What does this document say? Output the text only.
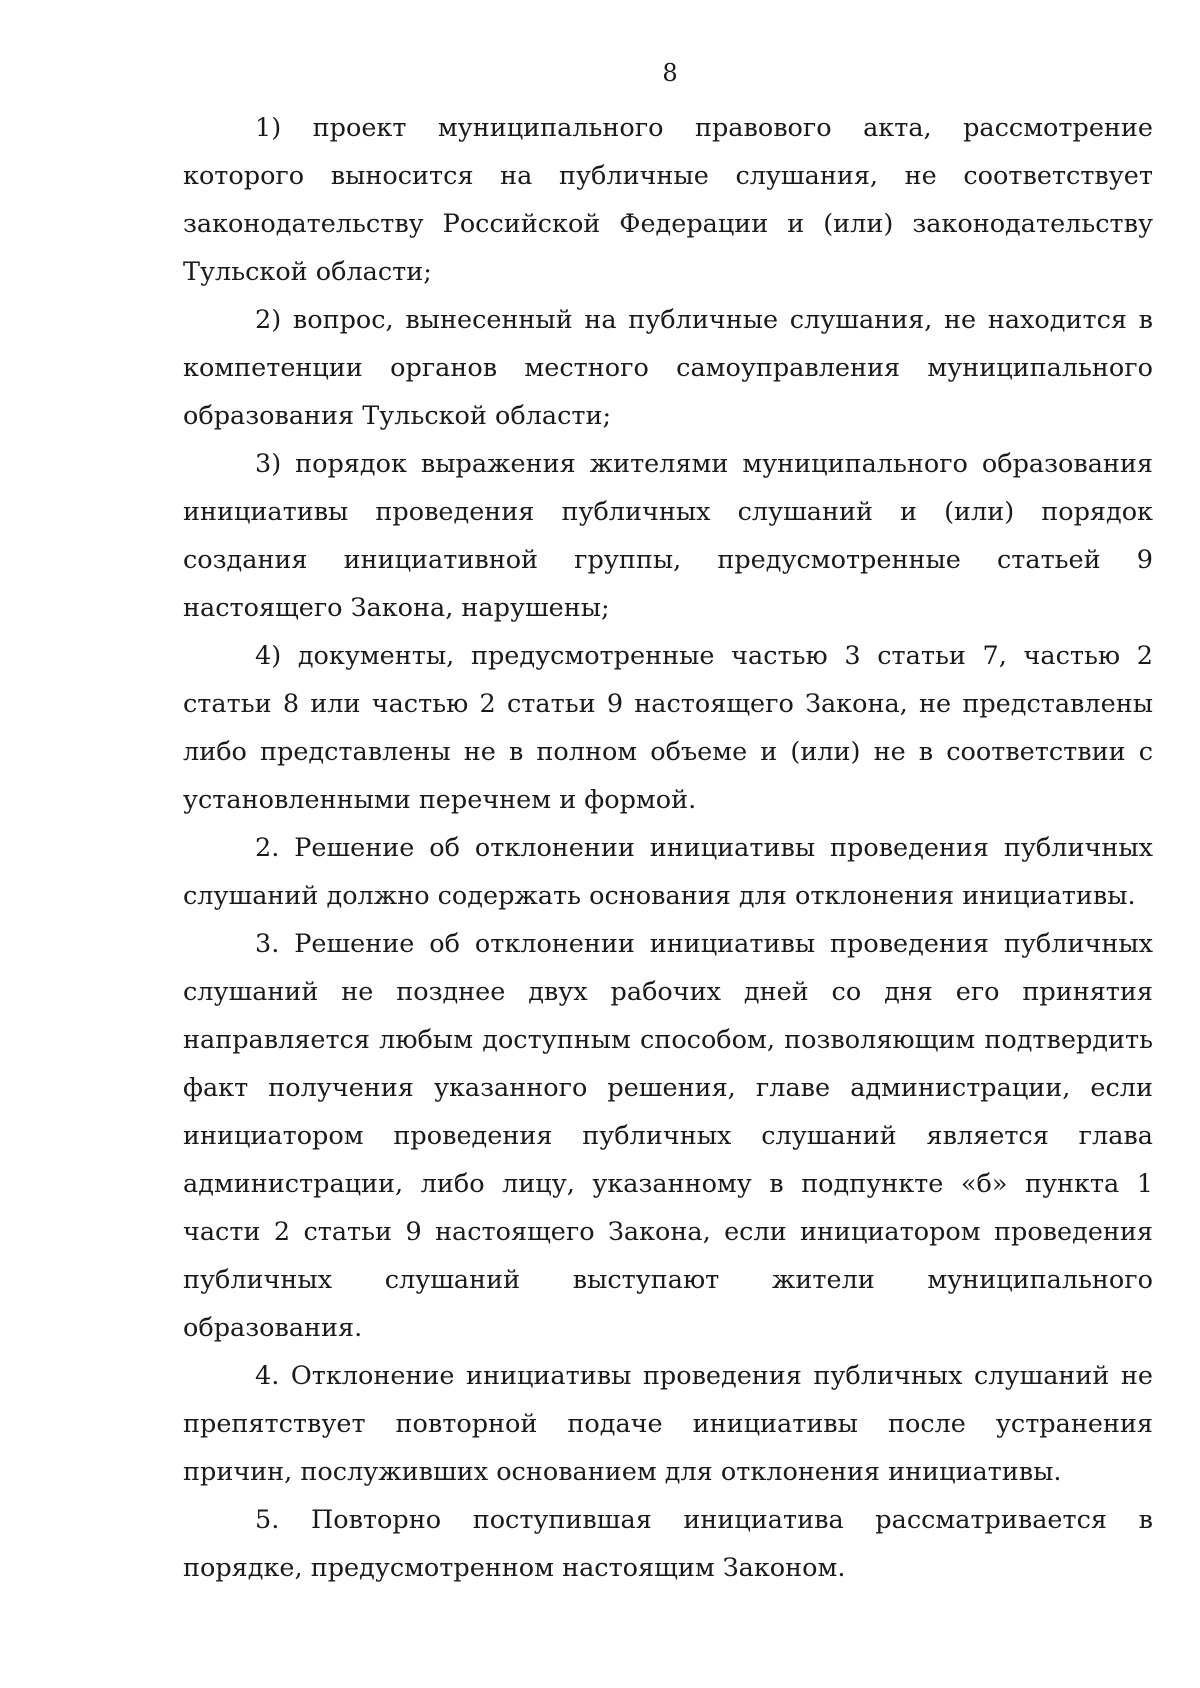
8

1) проект муниципального правового акта, рассмотрение которого выносится на публичные слушания, не соответствует законодательству Российской Федерации и (или) законодательству Тульской области;

2) вопрос, вынесенный на публичные слушания, не находится в компетенции органов местного самоуправления муниципального образования Тульской области;

3) порядок выражения жителями муниципального образования инициативы проведения публичных слушаний и (или) порядок создания инициативной группы, предусмотренные статьей 9 настоящего Закона, нарушены;

4) документы, предусмотренные частью 3 статьи 7, частью 2 статьи 8 или частью 2 статьи 9 настоящего Закона, не представлены либо представлены не в полном объеме и (или) не в соответствии с установленными перечнем и формой.

2. Решение об отклонении инициативы проведения публичных слушаний должно содержать основания для отклонения инициативы.

3. Решение об отклонении инициативы проведения публичных слушаний не позднее двух рабочих дней со дня его принятия направляется любым доступным способом, позволяющим подтвердить факт получения указанного решения, главе администрации, если инициатором проведения публичных слушаний является глава администрации, либо лицу, указанному в подпункте «б» пункта 1 части 2 статьи 9 настоящего Закона, если инициатором проведения публичных слушаний выступают жители муниципального образования.

4. Отклонение инициативы проведения публичных слушаний не препятствует повторной подаче инициативы после устранения причин, послуживших основанием для отклонения инициативы.

5. Повторно поступившая инициатива рассматривается в порядке, предусмотренном настоящим Законом.
